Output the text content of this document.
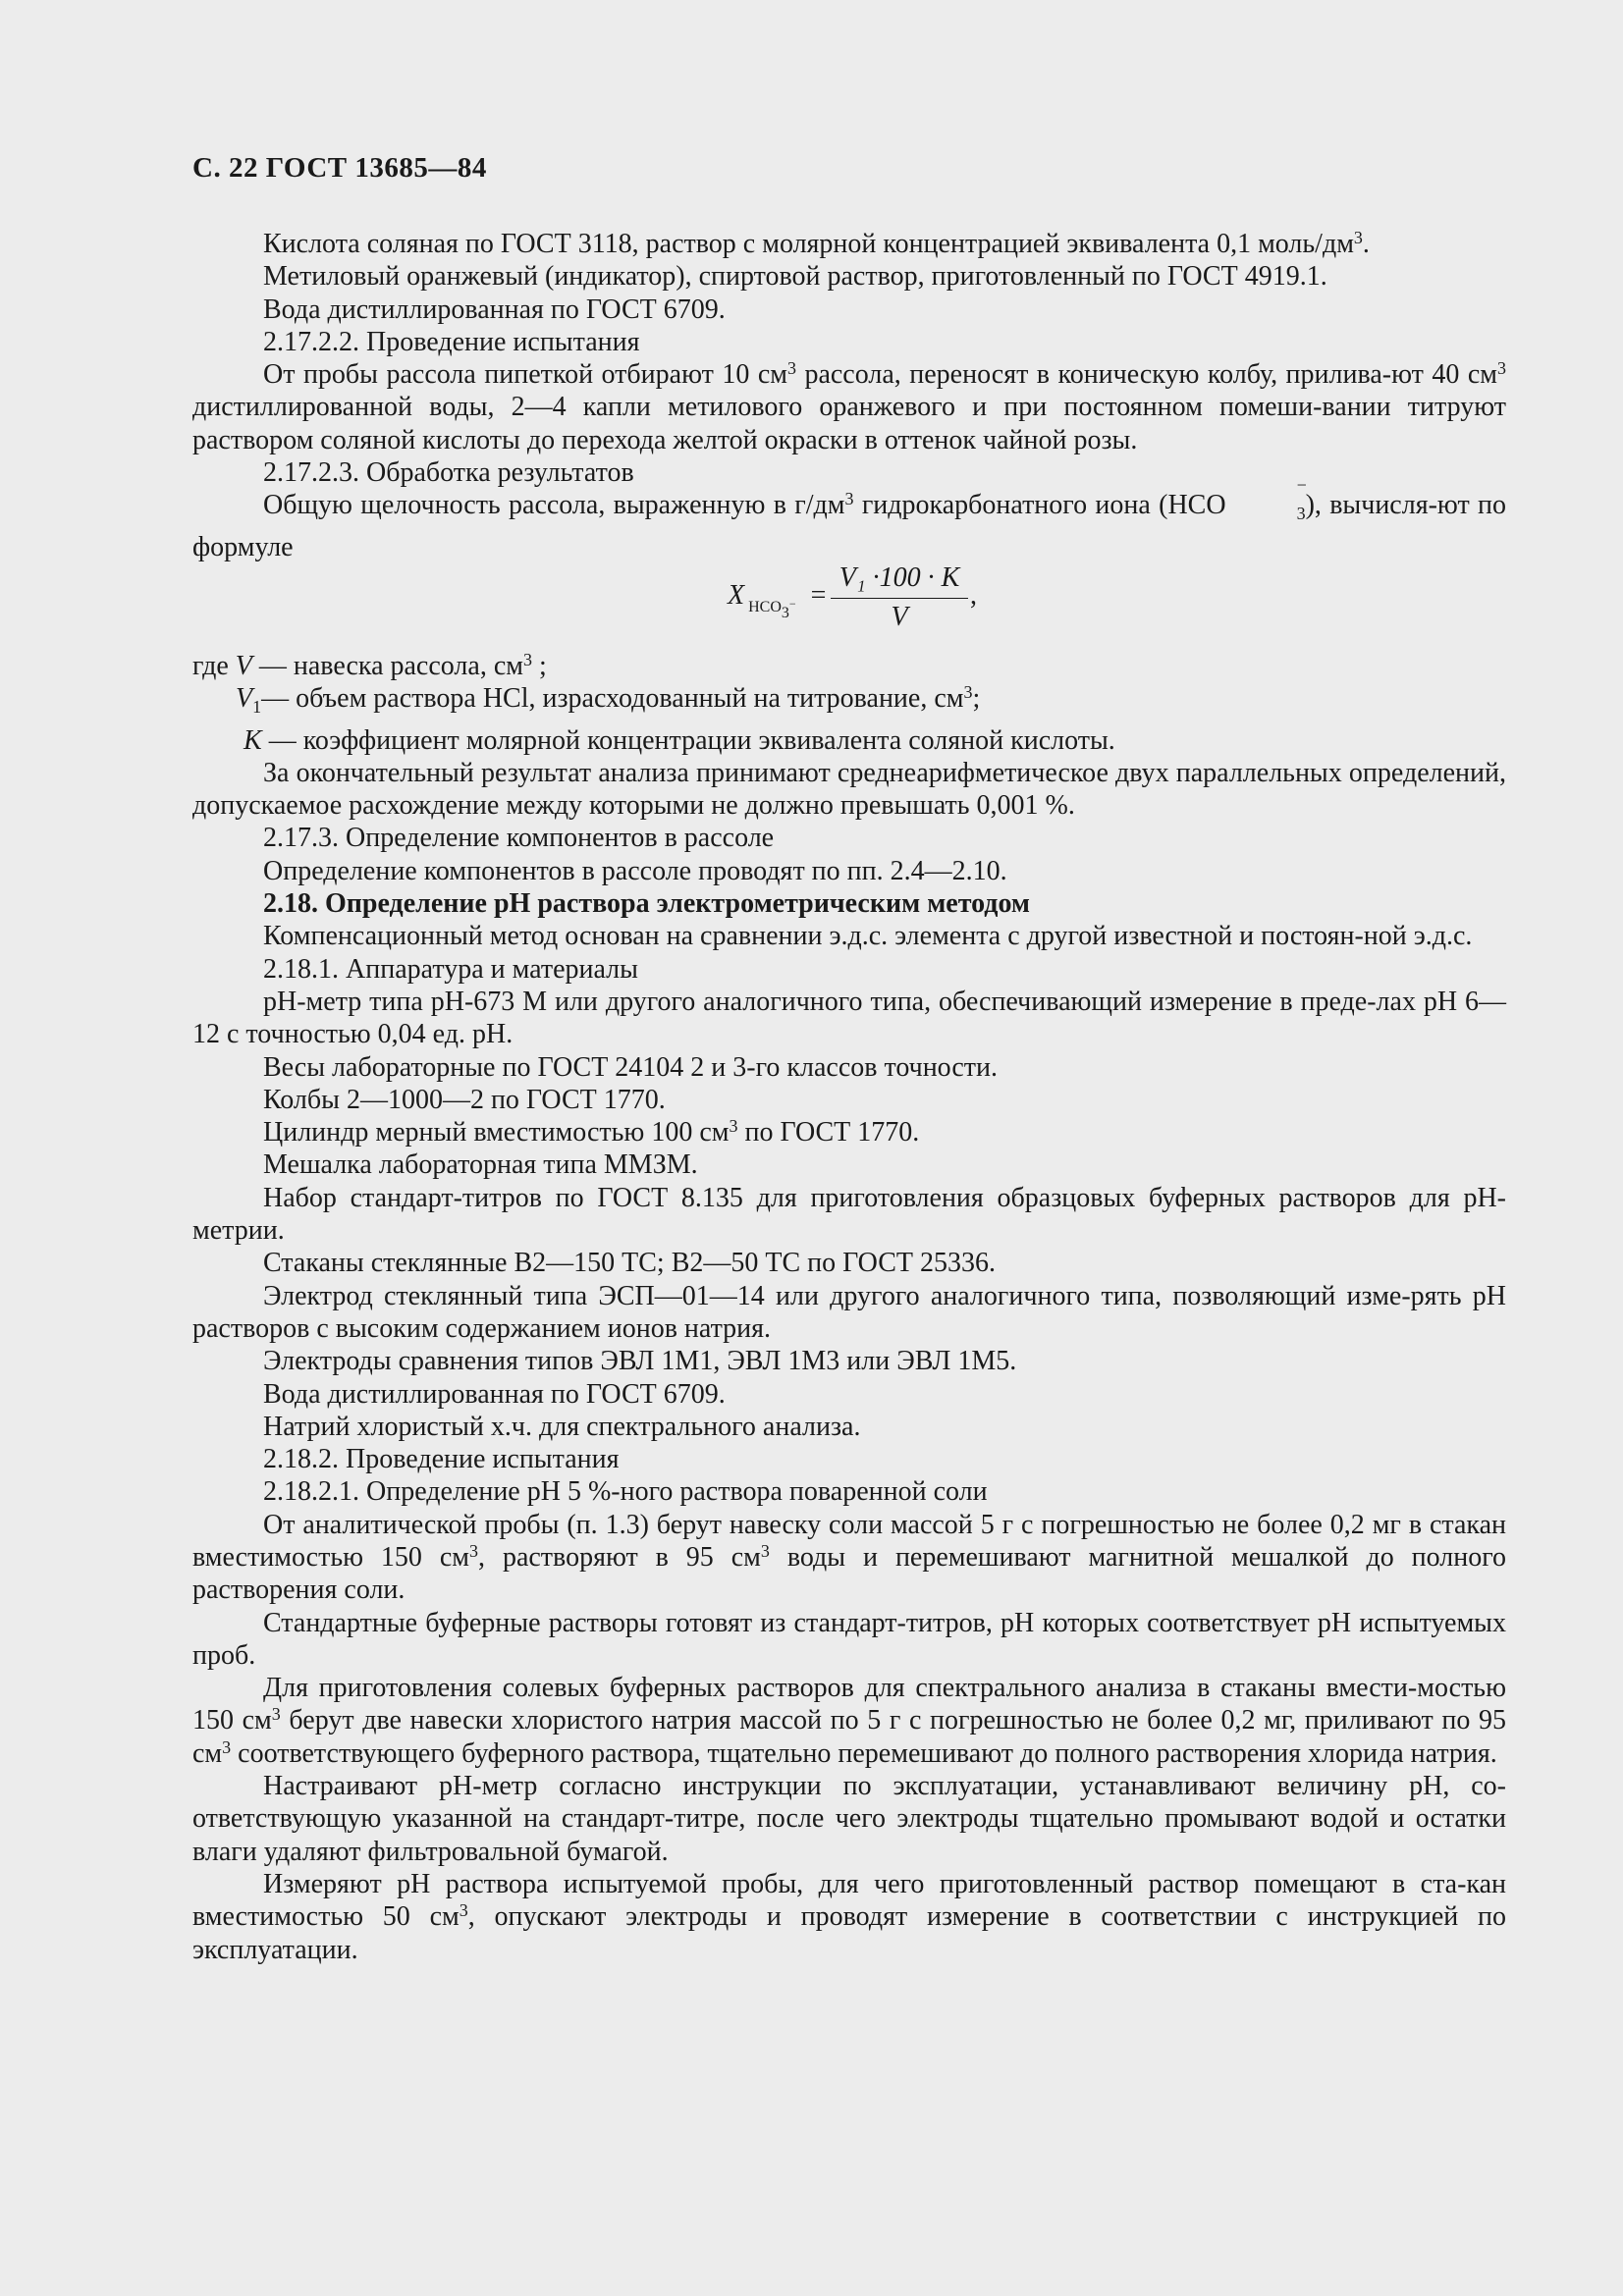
С. 22 ГОСТ 13685—84
Кислота соляная по ГОСТ 3118, раствор с молярной концентрацией эквивалента 0,1 моль/$дм^3$.
Метиловый оранжевый (индикатор), спиртовой раствор, приготовленный по ГОСТ 4919.1.
Вода дистиллированная по ГОСТ 6709.
2.17.2.2. Проведение испытания
От пробы рассола пипеткой отбирают 10 $см^3$ рассола, переносят в коническую колбу, прилива-ют 40 $см^3$ дистиллированной воды, 2—4 капли метилового оранжевого и при постоянном помеши-вании титруют раствором соляной кислоты до перехода желтой окраски в оттенок чайной розы.
2.17.2.3. Обработка результатов
Общую щелочность рассола, выраженную в $г/дм^3$ гидрокарбонатного иона (НСО
−
$_3$), вычисля-ют по формуле
X $_{HCO3^-}$ =
V₁ ·100 · K
V
,
где V — навеска рассола, $см^3$ ;
$V_1—$ объем раствора HCl, израсходованный на титрование, $см^3$;
K — коэффициент молярной концентрации эквивалента соляной кислоты.
За окончательный результат анализа принимают среднеарифметическое двух параллельных определений, допускаемое расхождение между которыми не должно превышать 0,001 %.
2.17.3. Определение компонентов в рассоле
Определение компонентов в рассоле проводят по пп. 2.4—2.10.
2.18. Определение pH раствора электрометрическим методом
Компенсационный метод основан на сравнении э.д.с. элемента с другой известной и постоян-ной э.д.с.
2.18.1. Аппаратура и материалы
pH-метр типа pH-673 М или другого аналогичного типа, обеспечивающий измерение в преде-лах pH 6—12 с точностью 0,04 ед. pH.
Весы лабораторные по ГОСТ 24104 2 и 3-го классов точности.
Колбы 2—1000—2 по ГОСТ 1770.
Цилиндр мерный вместимостью 100 $см^3$ по ГОСТ 1770.
Мешалка лабораторная типа ММЗМ.
Набор стандарт-титров по ГОСТ 8.135 для приготовления образцовых буферных растворов для pH-метрии.
Стаканы стеклянные В2—150 ТС; В2—50 ТС по ГОСТ 25336.
Электрод стеклянный типа ЭСП—01—14 или другого аналогичного типа, позволяющий изме-рять pH растворов с высоким содержанием ионов натрия.
Электроды сравнения типов ЭВЛ 1М1, ЭВЛ 1М3 или ЭВЛ 1М5.
Вода дистиллированная по ГОСТ 6709.
Натрий хлористый х.ч. для спектрального анализа.
2.18.2. Проведение испытания
2.18.2.1. Определение pH 5 %-ного раствора поваренной соли
От аналитической пробы (п. 1.3) берут навеску соли массой 5 г с погрешностью не более 0,2 мг в стакан вместимостью 150 $см^3$, растворяют в 95 $см^3$ воды и перемешивают магнитной мешалкой до полного растворения соли.
Стандартные буферные растворы готовят из стандарт-титров, pH которых соответствует pH испытуемых проб.
Для приготовления солевых буферных растворов для спектрального анализа в стаканы вмести-мостью 150 $см^3$ берут две навески хлористого натрия массой по 5 г с погрешностью не более 0,2 мг, приливают по 95 $см^3$ соответствующего буферного раствора, тщательно перемешивают до полного растворения хлорида натрия.
Настраивают pH-метр согласно инструкции по эксплуатации, устанавливают величину pH, со-ответствующую указанной на стандарт-титре, после чего электроды тщательно промывают водой и остатки влаги удаляют фильтровальной бумагой.
Измеряют pH раствора испытуемой пробы, для чего приготовленный раствор помещают в ста-кан вместимостью 50 $см^3$, опускают электроды и проводят измерение в соответствии с инструкцией по эксплуатации.
